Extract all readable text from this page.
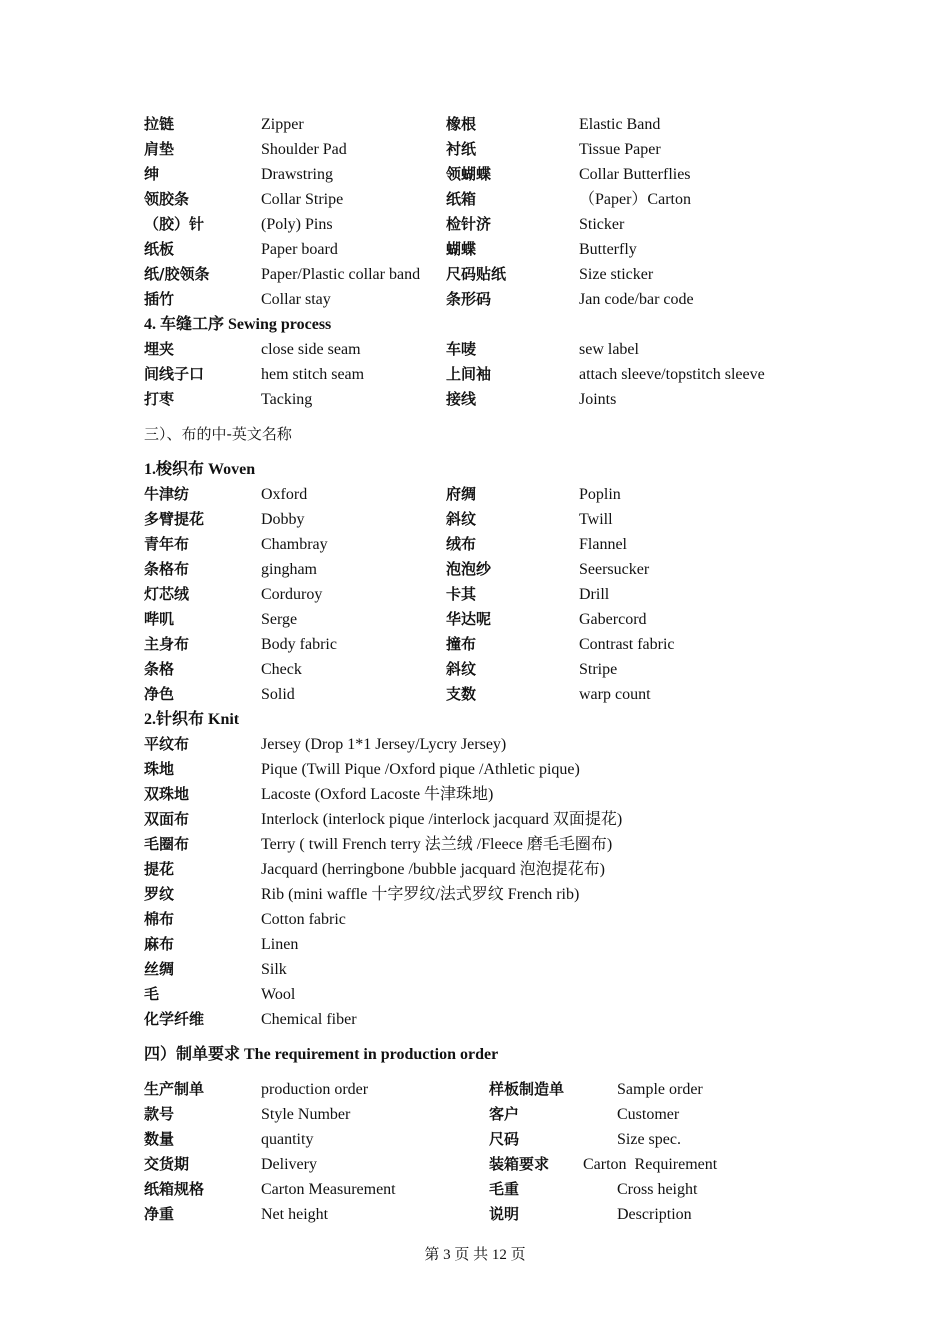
拉链	Zipper	橡根	Elastic Band
肩垫	Shoulder Pad	衬纸	Tissue Paper
绅	Drawstring	领蝴蝶	Collar Butterflies
领胶条	Collar Stripe	纸箱	（Paper）Carton
（胶）针	(Poly) Pins	检针济	Sticker
纸板	Paper board	蝴蝶	Butterfly
纸/胶领条	Paper/Plastic collar band 尺码贴纸	Size sticker
插竹	Collar stay	条形码	Jan code/bar code
4. 车缝工序 Sewing process
埋夹	close side seam	车唛	sew label
间线子口	hem stitch seam	上间袖	attach sleeve/topstitch sleeve
打枣	Tacking	接线	Joints
三）、布的中-英文名称
1.梭织布 Woven
牛津纺	Oxford	府绸	Poplin
多臂提花	Dobby	斜纹	Twill
青年布	Chambray	绒布	Flannel
条格布	gingham	泡泡纱	Seersucker
灯芯绒	Corduroy	卡其	Drill
哔叽	Serge	华达呢	Gabercord
主身布	Body fabric	撞布	Contrast fabric
条格	Check	斜纹	Stripe
净色	Solid	支数	warp count
2.针织布 Knit
平纹布	Jersey (Drop 1*1 Jersey/Lycry Jersey)
珠地	Pique (Twill Pique /Oxford pique /Athletic pique)
双珠地	Lacoste (Oxford Lacoste 牛津珠地)
双面布	Interlock (interlock pique /interlock jacquard 双面提花)
毛圈布	Terry ( twill French terry 法兰绒 /Fleece 磨毛毛圈布)
提花	Jacquard (herringbone /bubble jacquard 泡泡提花布)
罗纹	Rib (mini waffle 十字罗纹/法式罗纹 French rib)
棉布	Cotton fabric
麻布	Linen
丝绸	Silk
毛	Wool
化学纤维	Chemical fiber
四）制单要求 The requirement in production order
生产制单	production order	样板制造单	Sample order
款号	Style Number	客户	Customer
数量	quantity	尺码	Size spec.
交货期	Delivery	装箱要求 Carton  Requirement
纸箱规格	Carton Measurement	毛重	Cross height
净重	Net height	说明	Description
第 3 页 共 12 页
